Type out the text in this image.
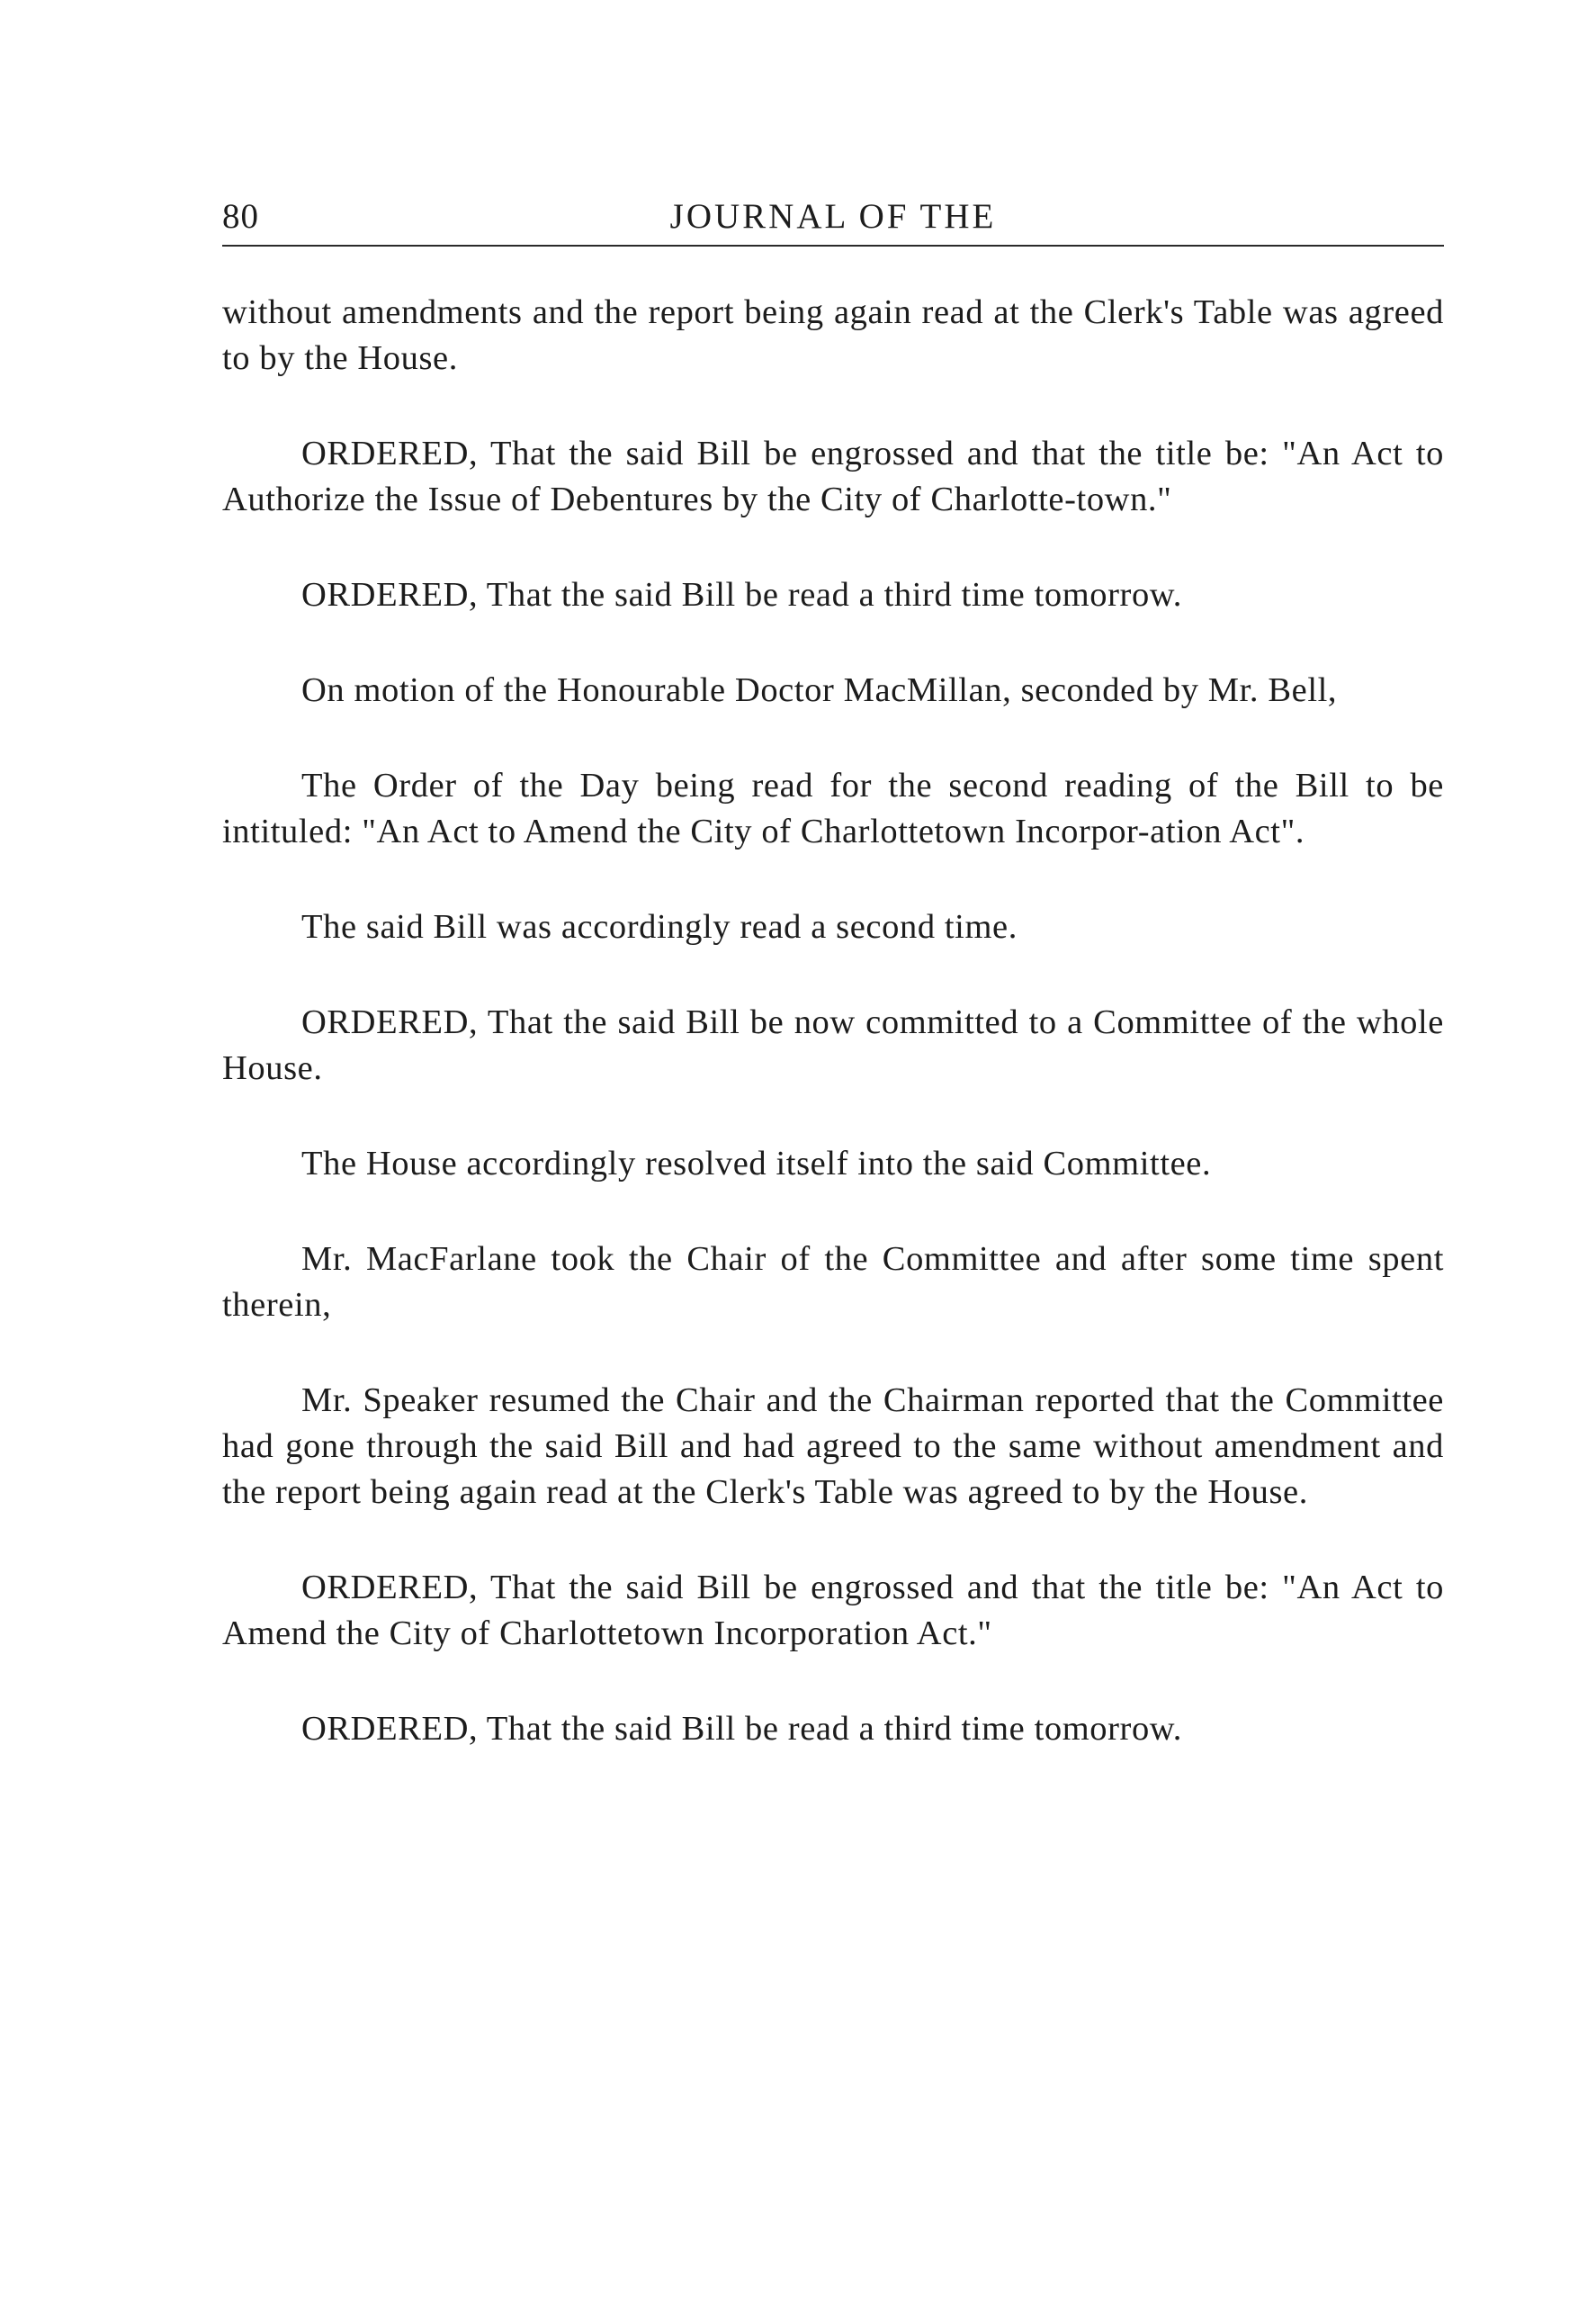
80	JOURNAL OF THE

without amendments and the report being again read at the Clerk's Table was agreed to by the House.

ORDERED, That the said Bill be engrossed and that the title be: "An Act to Authorize the Issue of Debentures by the City of Charlotte-town."

ORDERED, That the said Bill be read a third time tomorrow.

On motion of the Honourable Doctor MacMillan, seconded by Mr. Bell,

The Order of the Day being read for the second reading of the Bill to be intituled: "An Act to Amend the City of Charlottetown Incorpor-ation Act".

The said Bill was accordingly read a second time.

ORDERED, That the said Bill be now committed to a Committee of the whole House.

The House accordingly resolved itself into the said Committee.

Mr. MacFarlane took the Chair of the Committee and after some time spent therein,

Mr. Speaker resumed the Chair and the Chairman reported that the Committee had gone through the said Bill and had agreed to the same without amendment and the report being again read at the Clerk's Table was agreed to by the House.

ORDERED, That the said Bill be engrossed and that the title be: "An Act to Amend the City of Charlottetown Incorporation Act."

ORDERED, That the said Bill be read a third time tomorrow.
